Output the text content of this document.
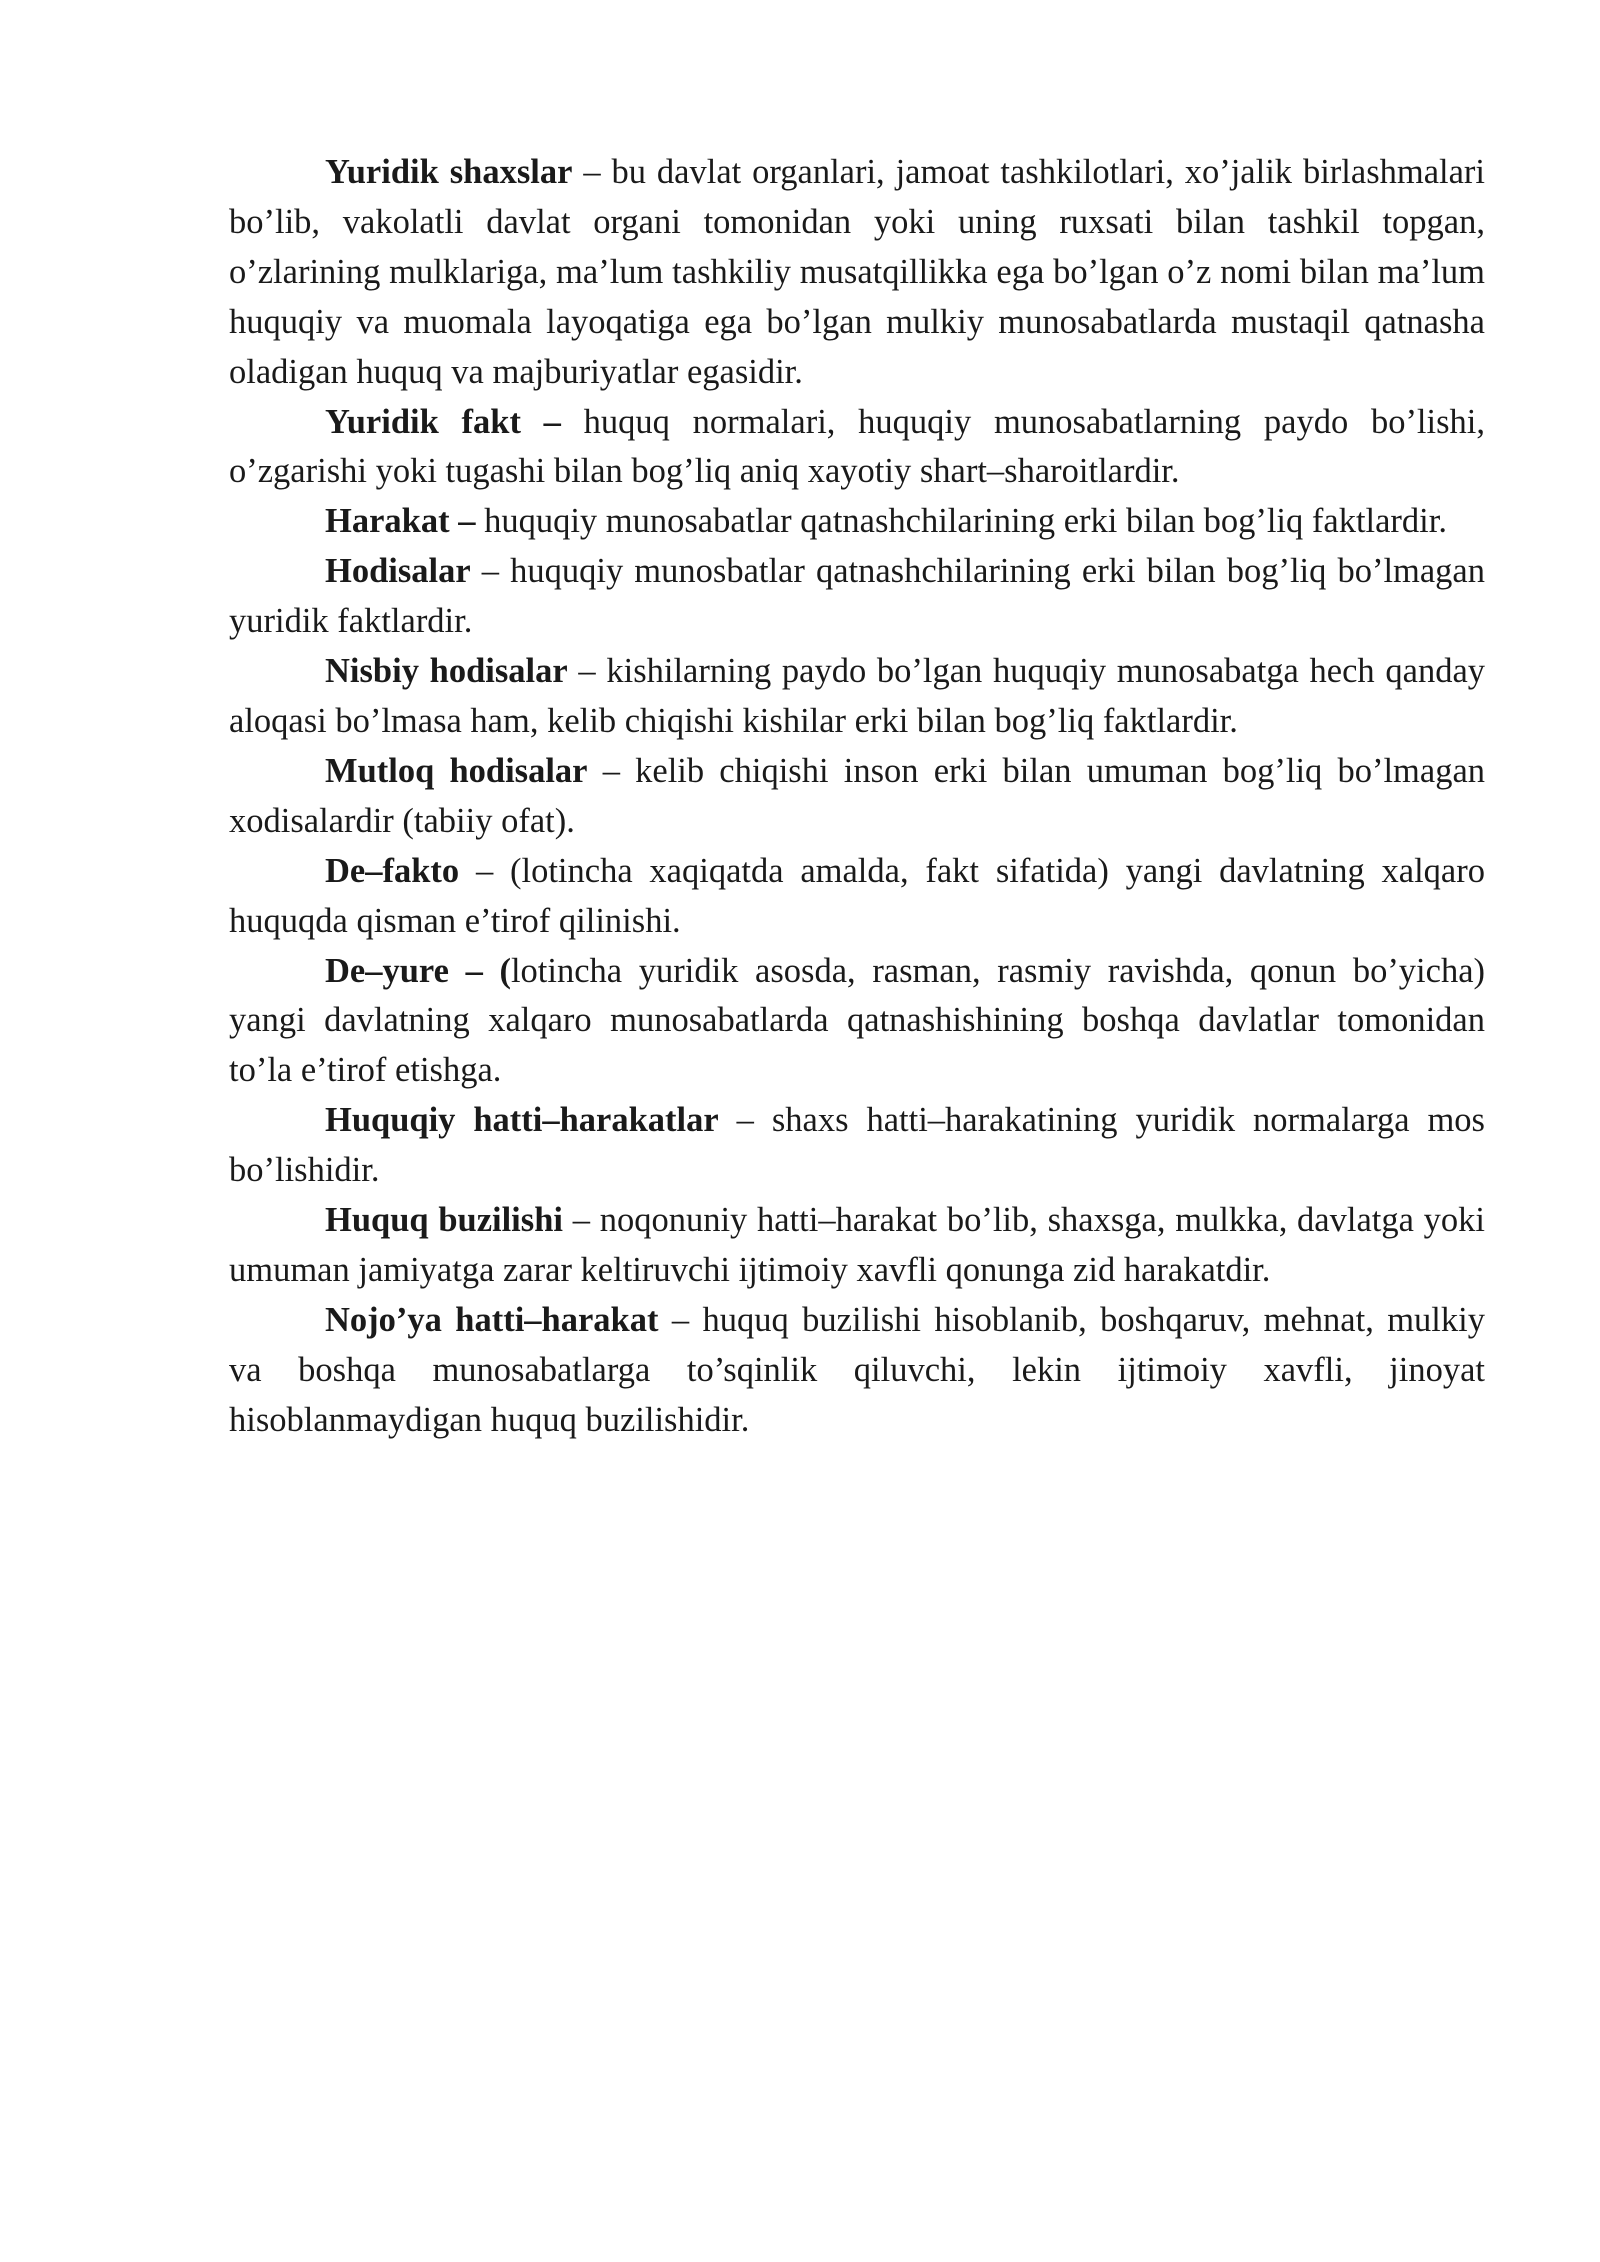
Yuridik shaxslar – bu davlat organlari, jamoat tashkilotlari, xo’jalik birlashmalari bo’lib, vakolatli davlat organi tomonidan yoki uning ruxsati bilan tashkil topgan, o’zlarining mulklariga, ma’lum tashkiliy musatqillikka ega bo’lgan o’z nomi bilan ma’lum huquqiy va muomala layoqatiga ega bo’lgan mulkiy munosabatlarda mustaqil qatnasha oladigan huquq va majburiyatlar egasidir.

Yuridik fakt – huquq normalari, huquqiy munosabatlarning paydo bo’lishi, o’zgarishi yoki tugashi bilan bog’liq aniq xayotiy shart–sharoitlardir.

Harakat – huquqiy munosabatlar qatnashchilarining erki bilan bog’liq faktlardir.

Hodisalar – huquqiy munosbatlar qatnashchilarining erki bilan bog’liq bo’lmagan yuridik faktlardir.

Nisbiy hodisalar – kishilarning paydo bo’lgan huquqiy munosabatga hech qanday aloqasi bo’lmasa ham, kelib chiqishi kishilar erki bilan bog’liq faktlardir.

Mutloq hodisalar – kelib chiqishi inson erki bilan umuman bog’liq bo’lmagan xodisalardir (tabiiy ofat).

De–fakto – (lotincha xaqiqatda amalda, fakt sifatida) yangi davlatning xalqaro huquqda qisman e’tirof qilinishi.

De–yure – (lotincha yuridik asosda, rasman, rasmiy ravishda, qonun bo’yicha) yangi davlatning xalqaro munosabatlarda qatnashishining boshqa davlatlar tomonidan to’la e’tirof etishga.

Huquqiy hatti–harakatlar – shaxs hatti–harakatining yuridik normalarga mos bo’lishidir.

Huquq buzilishi – noqonuniy hatti–harakat bo’lib, shaxsga, mulkka, davlatga yoki umuman jamiyatga zarar keltiruvchi ijtimoiy xavfli qonunga zid harakatdir.

Nojo’ya hatti–harakat – huquq buzilishi hisoblanib, boshqaruv, mehnat, mulkiy va boshqa munosabatlarga to’sqinlik qiluvchi, lekin ijtimoiy xavfli, jinoyat hisoblanmaydigan huquq buzilishidir.
